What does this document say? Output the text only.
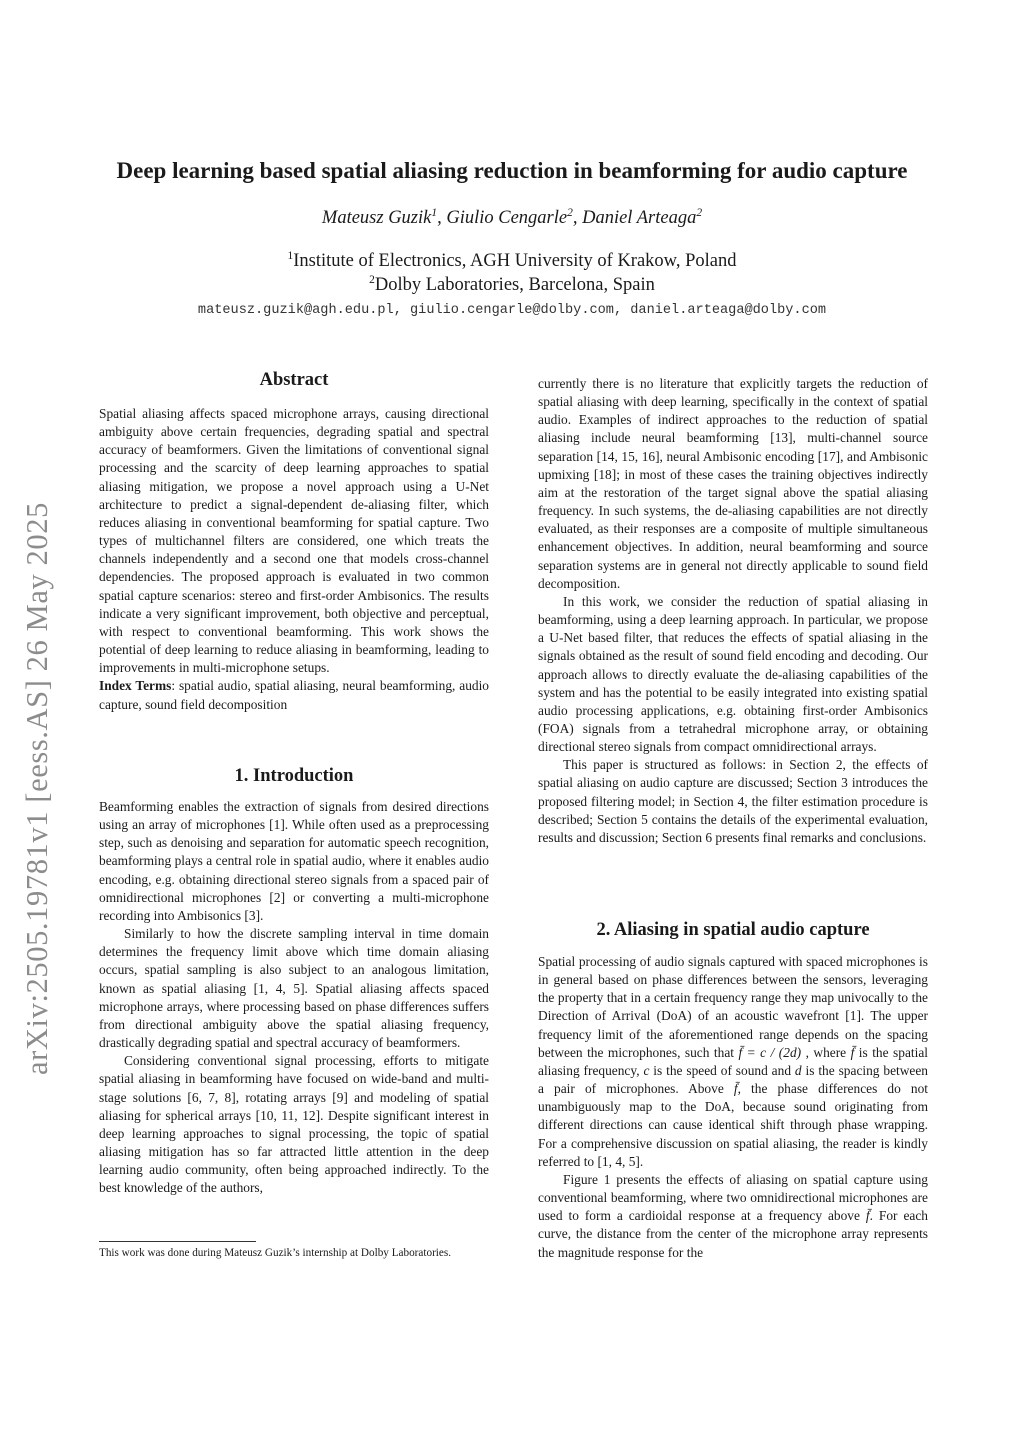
arXiv:2505.19781v1 [eess.AS] 26 May 2025
Deep learning based spatial aliasing reduction in beamforming for audio capture
Mateusz Guzik$^1$, Giulio Cengarle$^2$, Daniel Arteaga$^2$
$^1$Institute of Electronics, AGH University of Krakow, Poland
$^2$Dolby Laboratories, Barcelona, Spain
mateusz.guzik@agh.edu.pl, giulio.cengarle@dolby.com, daniel.arteaga@dolby.com
Abstract

Spatial aliasing affects spaced microphone arrays, causing directional ambiguity above certain frequencies, degrading spatial and spectral accuracy of beamformers. Given the limitations of conventional signal processing and the scarcity of deep learning approaches to spatial aliasing mitigation, we propose a novel approach using a U-Net architecture to predict a signal-dependent de-aliasing filter, which reduces aliasing in conventional beamforming for spatial capture. Two types of multichannel filters are considered, one which treats the channels independently and a second one that models cross-channel dependencies. The proposed approach is evaluated in two common spatial capture scenarios: stereo and first-order Ambisonics. The results indicate a very significant improvement, both objective and perceptual, with respect to conventional beamforming. This work shows the potential of deep learning to reduce aliasing in beamforming, leading to improvements in multi-microphone setups.

Index Terms: spatial audio, spatial aliasing, neural beamforming, audio capture, sound field decomposition

1. Introduction

Beamforming enables the extraction of signals from desired directions using an array of microphones [1]. While often used as a preprocessing step, such as denoising and separation for automatic speech recognition, beamforming plays a central role in spatial audio, where it enables audio encoding, e.g. obtaining directional stereo signals from a spaced pair of omnidirectional microphones [2] or converting a multi-microphone recording into Ambisonics [3].

Similarly to how the discrete sampling interval in time domain determines the frequency limit above which time domain aliasing occurs, spatial sampling is also subject to an analogous limitation, known as spatial aliasing [1, 4, 5]. Spatial aliasing affects spaced microphone arrays, where processing based on phase differences suffers from directional ambiguity above the spatial aliasing frequency, drastically degrading spatial and spectral accuracy of beamformers.

Considering conventional signal processing, efforts to mitigate spatial aliasing in beamforming have focused on wide-band and multi-stage solutions [6, 7, 8], rotating arrays [9] and modeling of spatial aliasing for spherical arrays [10, 11, 12]. Despite significant interest in deep learning approaches to signal processing, the topic of spatial aliasing mitigation has so far attracted little attention in the deep learning audio community, often being approached indirectly. To the best knowledge of the authors,

This work was done during Mateusz Guzik’s internship at Dolby Laboratories.

currently there is no literature that explicitly targets the reduction of spatial aliasing with deep learning, specifically in the context of spatial audio. Examples of indirect approaches to the reduction of spatial aliasing include neural beamforming [13], multi-channel source separation [14, 15, 16], neural Ambisonic encoding [17], and Ambisonic upmixing [18]; in most of these cases the training objectives indirectly aim at the restoration of the target signal above the spatial aliasing frequency. In such systems, the de-aliasing capabilities are not directly evaluated, as their responses are a composite of multiple simultaneous enhancement objectives. In addition, neural beamforming and source separation systems are in general not directly applicable to sound field decomposition.

In this work, we consider the reduction of spatial aliasing in beamforming, using a deep learning approach. In particular, we propose a U-Net based filter, that reduces the effects of spatial aliasing in the signals obtained as the result of sound field encoding and decoding. Our approach allows to directly evaluate the de-aliasing capabilities of the system and has the potential to be easily integrated into existing spatial audio processing applications, e.g. obtaining first-order Ambisonics (FOA) signals from a tetrahedral microphone array, or obtaining directional stereo signals from compact omnidirectional arrays.

This paper is structured as follows: in Section 2, the effects of spatial aliasing on audio capture are discussed; Section 3 introduces the proposed filtering model; in Section 4, the filter estimation procedure is described; Section 5 contains the details of the experimental evaluation, results and discussion; Section 6 presents final remarks and conclusions.

2. Aliasing in spatial audio capture

Spatial processing of audio signals captured with spaced microphones is in general based on phase differences between the sensors, leveraging the property that in a certain frequency range they map univocally to the Direction of Arrival (DoA) of an acoustic wavefront [1]. The upper frequency limit of the aforementioned range depends on the spacing between the microphones, such that f̄ = c / (2d) , where f̄ is the spatial aliasing frequency, c is the speed of sound and d is the spacing between a pair of microphones. Above f̄, the phase differences do not unambiguously map to the DoA, because sound originating from different directions can cause identical shift through phase wrapping. For a comprehensive discussion on spatial aliasing, the reader is kindly referred to [1, 4, 5].

Figure 1 presents the effects of aliasing on spatial capture using conventional beamforming, where two omnidirectional microphones are used to form a cardioidal response at a frequency above f̄. For each curve, the distance from the center of the microphone array represents the magnitude response for the
